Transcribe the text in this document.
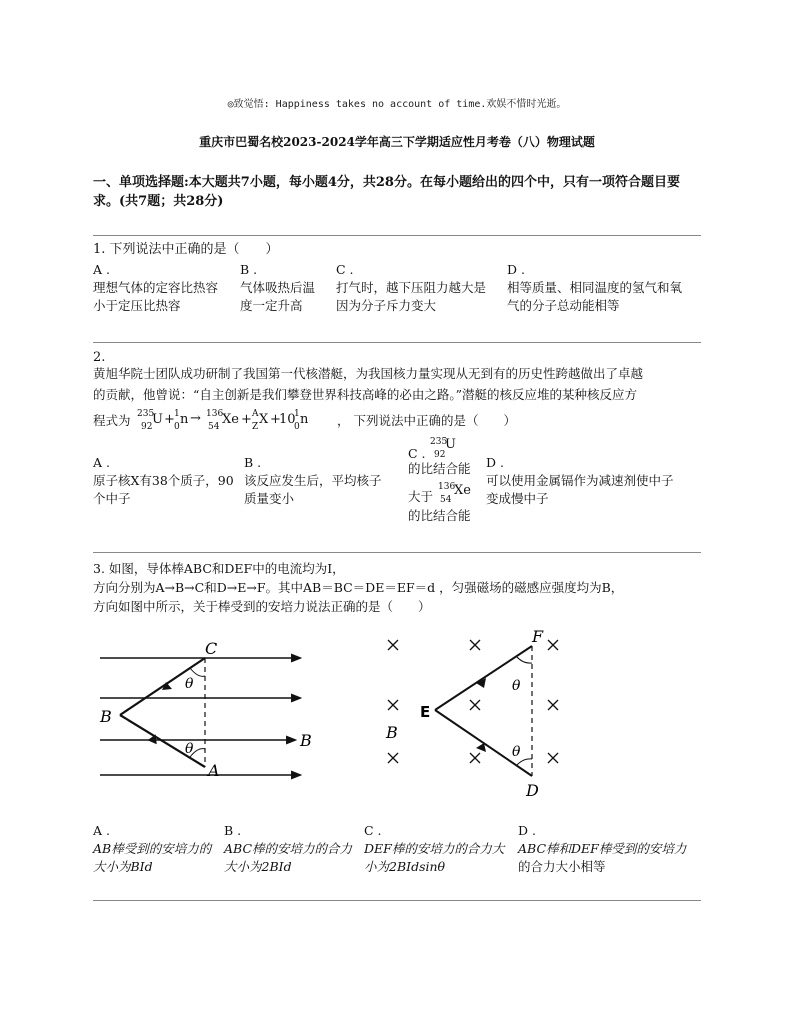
◎致觉悟: Happiness takes no account of time.欢娱不惜时光逝。
重庆市巴蜀名校2023-2024学年高三下学期适应性月考卷（八）物理试题
一、单项选择题:本大题共7小题，每小题4分，共28分。在每小题给出的四个中，只有一项符合题目要求。(共7题；共28分)
1. 下列说法中正确的是（　　）
A .
理想气体的定容比热容
小于定压比热容
B .
气体吸热后温
度一定升高
C .
打气时，越下压阻力越大是
因为分子斥力变大
D .
相等质量、相同温度的氢气和氧
气的分子总动能相等
2.
黄旭华院士团队成功研制了我国第一代核潜艇，为我国核力量实现从无到有的历史性跨越做出了卓越
的贡献，他曾说：“自主创新是我们攀登世界科技高峰的必由之路。”潜艇的核反应堆的某种核反应方
程式为 235
92 U + 1
0 n → 136
54 Xe + A
Z X +
10
1
0 n ， 下列说法中正确的是（　　）
A .
原子核X有38个质子，90
个中子
B .
该反应发生后，平均核子
质量变小
235
92
U
C .
的比结合能
大于
136
54
Xe
的比结合能
D .
可以使用金属镉作为减速剂使中子
变成慢中子
3. 如图，导体棒ABC和DEF中的电流均为I，
方向分别为A→B→C和D→E→F。其中AB＝BC＝DE＝EF＝d ，匀强磁场的磁感应强度均为B，
方向如图中所示，关于棒受到的安培力说法正确的是（　　）
C
B
A
B
θ
θ
F
E
D
B
θ
θ
A .
AB棒受到的安培力的
大小为BId
B .
ABC棒的安培力的合力
大小为2BId
C .
DEF棒的安培力的合力大
小为2BIdsinθ
D .
ABC棒和DEF棒受到的安培力
的合力大小相等
